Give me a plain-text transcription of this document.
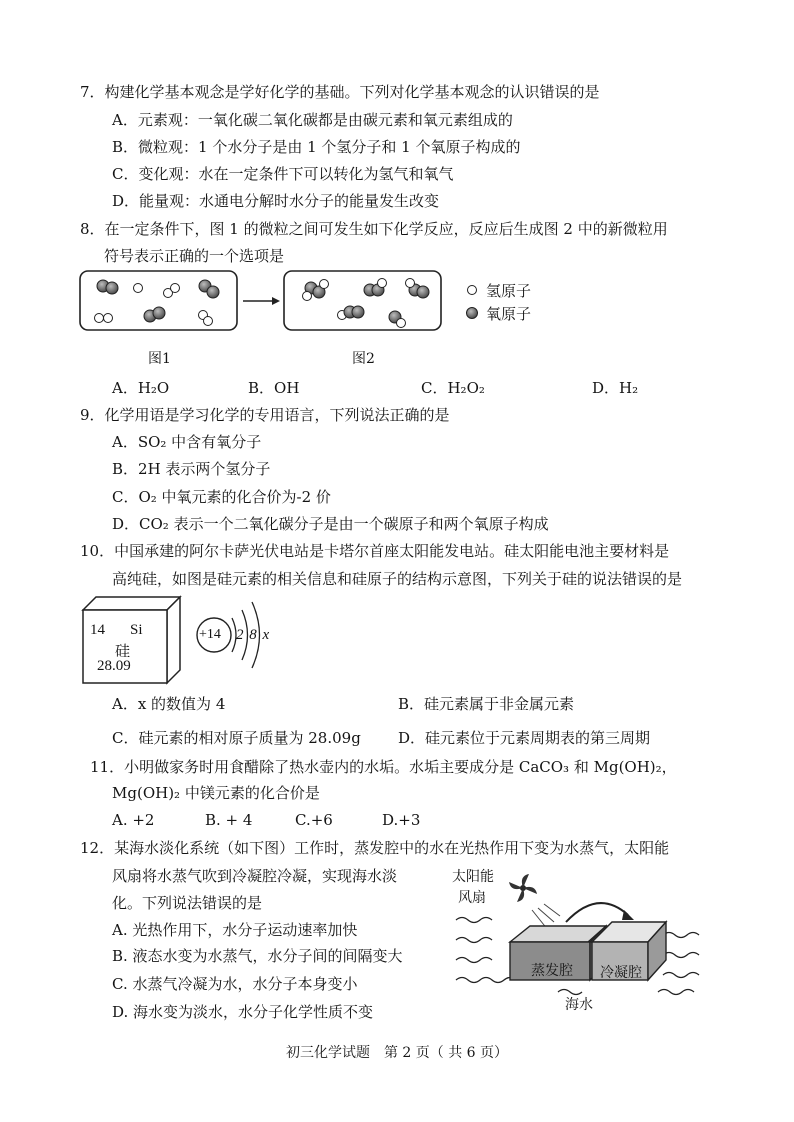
7．构建化学基本观念是学好化学的基础。下列对化学基本观念的认识错误的是
A．元素观：一氧化碳二氧化碳都是由碳元素和氧元素组成的
B．微粒观：1 个水分子是由 1 个氢分子和 1 个氧原子构成的
C．变化观：水在一定条件下可以转化为氢气和氧气
D．能量观：水通电分解时水分子的能量发生改变
8．在一定条件下，图 1 的微粒之间可发生如下化学反应，反应后生成图 2 中的新微粒用
符号表示正确的一个选项是
氢原子
氧原子
图1	图2
A．H₂O	B．OH	C．H₂O₂	D．H₂
9．化学用语是学习化学的专用语言，下列说法正确的是
A．SO₂ 中含有氧分子
B．2H 表示两个氢分子
C．O₂ 中氧元素的化合价为-2 价
D．CO₂ 表示一个二氧化碳分子是由一个碳原子和两个氧原子构成
10．中国承建的阿尔卡萨光伏电站是卡塔尔首座太阳能发电站。硅太阳能电池主要材料是
高纯硅，如图是硅元素的相关信息和硅原子的结构示意图，下列关于硅的说法错误的是
14 Si
硅
28.09
+14 2 8 x
A．x 的数值为 4	B．硅元素属于非金属元素
C．硅元素的相对原子质量为 28.09g D．硅元素位于元素周期表的第三周期
11．小明做家务时用食醋除了热水壶内的水垢。水垢主要成分是 CaCO₃ 和 Mg(OH)₂，
Mg(OH)₂ 中镁元素的化合价是
A. +2	B. + 4	C.+6	D.+3
12．某海水淡化系统（如下图）工作时，蒸发腔中的水在光热作用下变为水蒸气，太阳能
风扇将水蒸气吹到冷凝腔冷凝，实现海水淡
化。下列说法错误的是
A. 光热作用下，水分子运动速率加快
B. 液态水变为水蒸气，水分子间的间隔变大
C. 水蒸气冷凝为水，水分子本身变小
D. 海水变为淡水，水分子化学性质不变
太阳能
风扇
蒸发腔 冷凝腔
海水
初三化学试题　第 2 页（ 共 6 页）
